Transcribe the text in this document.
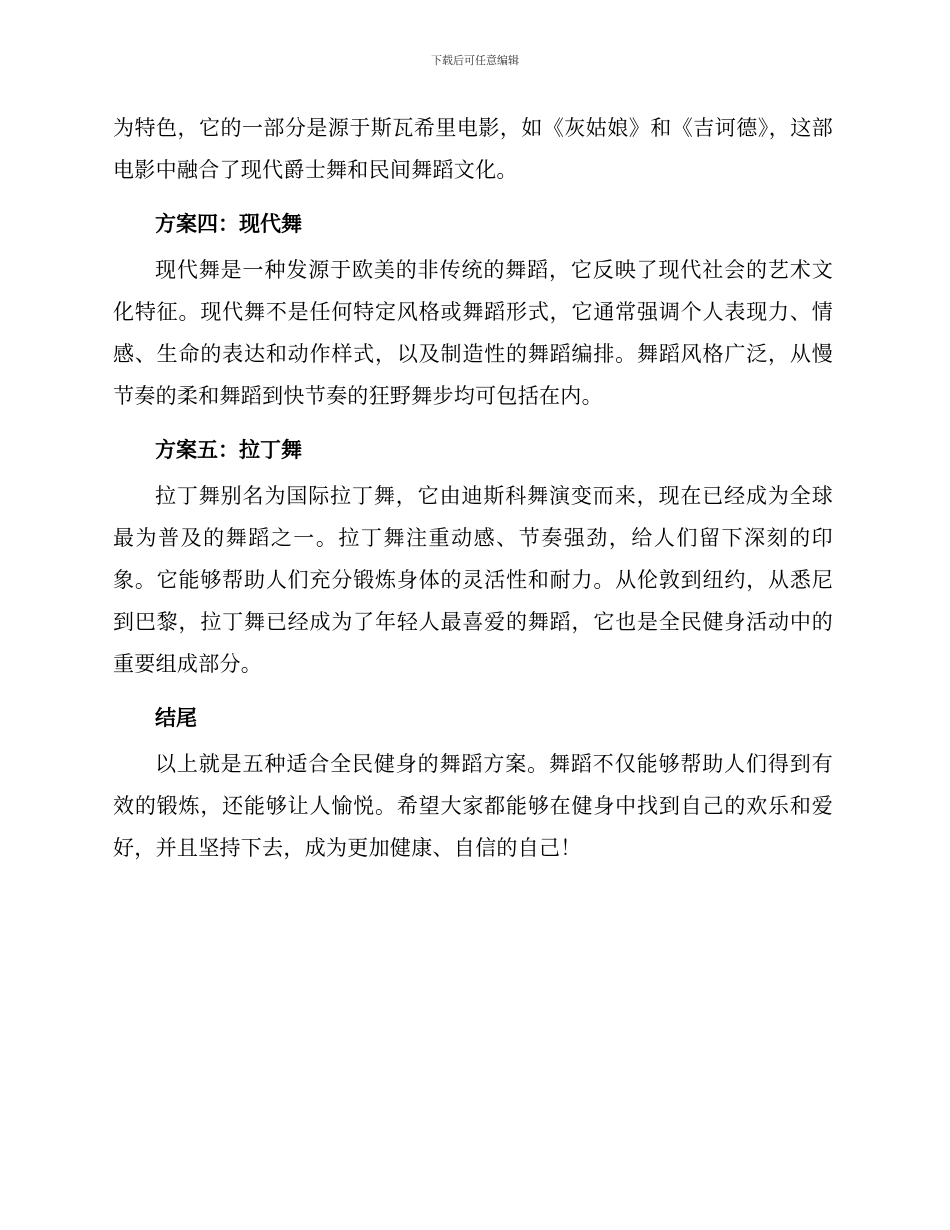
下载后可任意编辑

为特色，它的一部分是源于斯瓦希里电影，如《灰姑娘》和《吉诃德》，这部电影中融合了现代爵士舞和民间舞蹈文化。

方案四：现代舞

现代舞是一种发源于欧美的非传统的舞蹈，它反映了现代社会的艺术文化特征。现代舞不是任何特定风格或舞蹈形式，它通常强调个人表现力、情感、生命的表达和动作样式，以及制造性的舞蹈编排。舞蹈风格广泛，从慢节奏的柔和舞蹈到快节奏的狂野舞步均可包括在内。

方案五：拉丁舞

拉丁舞别名为国际拉丁舞，它由迪斯科舞演变而来，现在已经成为全球最为普及的舞蹈之一。拉丁舞注重动感、节奏强劲，给人们留下深刻的印象。它能够帮助人们充分锻炼身体的灵活性和耐力。从伦敦到纽约，从悉尼到巴黎，拉丁舞已经成为了年轻人最喜爱的舞蹈，它也是全民健身活动中的重要组成部分。

结尾

以上就是五种适合全民健身的舞蹈方案。舞蹈不仅能够帮助人们得到有效的锻炼，还能够让人愉悦。希望大家都能够在健身中找到自己的欢乐和爱好，并且坚持下去，成为更加健康、自信的自己！
